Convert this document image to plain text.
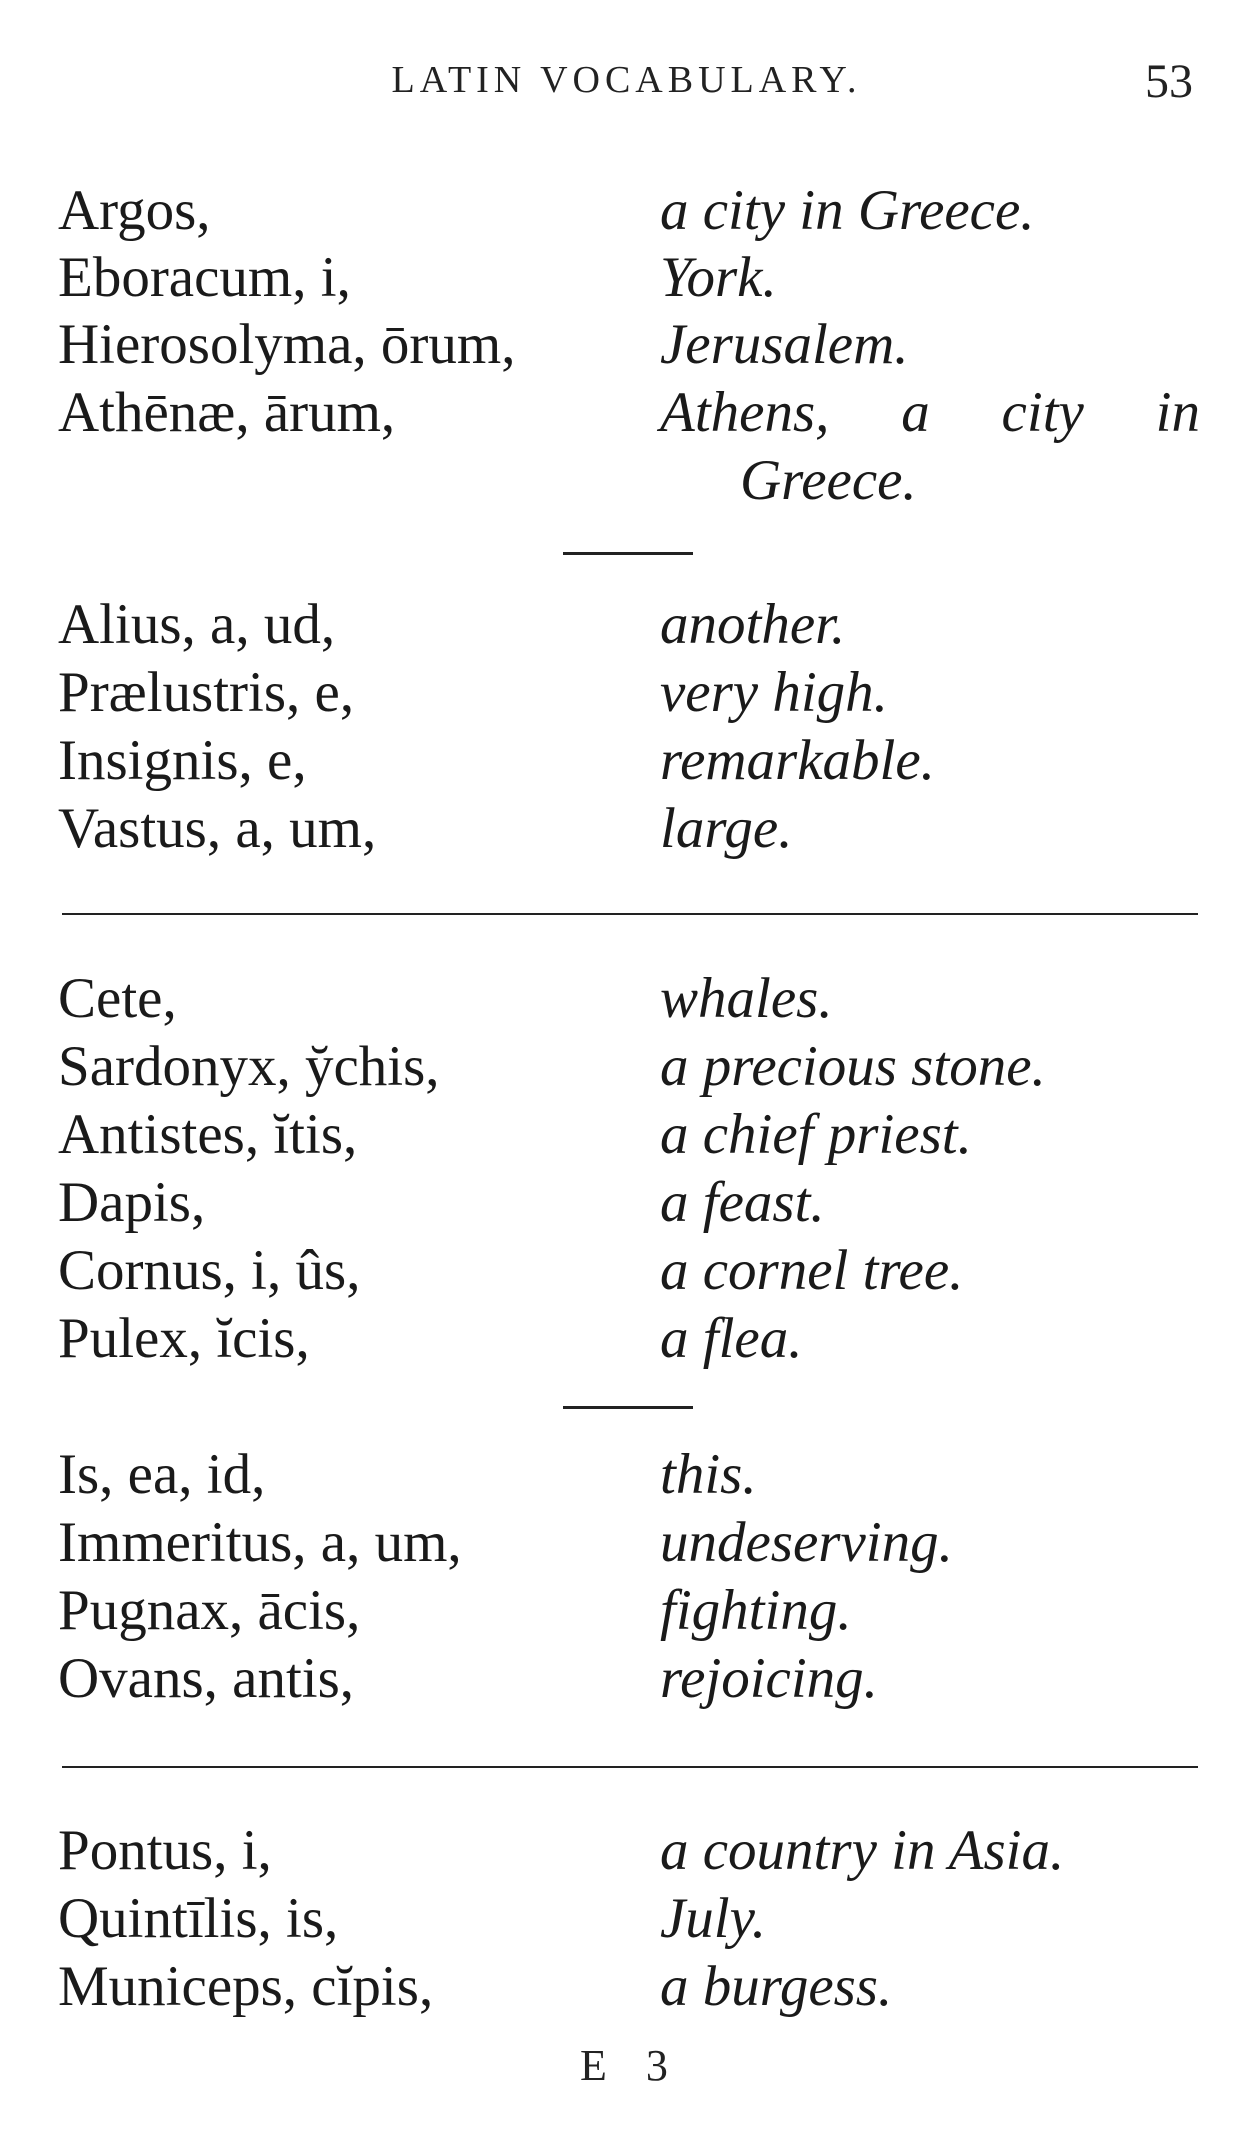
LATIN VOCABULARY.	53
Argos,	a city in Greece.
Eboracum, i,	York.
Hierosolyma, ōrum,	Jerusalem.
Athēnæ, ārum,	Athens, a city in
Greece.
Alius, a, ud,	another.
Prælustris, e,	very high.
Insignis, e,	remarkable.
Vastus, a, um,	large.
Cete,	whales.
Sardonyx, y̆chis,	a precious stone.
Antistes, ĭtis,	a chief priest.
Dapis,	a feast.
Cornus, i, ûs,	a cornel tree.
Pulex, ĭcis,	a flea.
Is, ea, id,	this.
Immeritus, a, um,	undeserving.
Pugnax, ācis,	fighting.
Ovans, antis,	rejoicing.
Pontus, i,	a country in Asia.
Quintīlis, is,	July.
Municeps, cĭpis,	a burgess.
E 3
